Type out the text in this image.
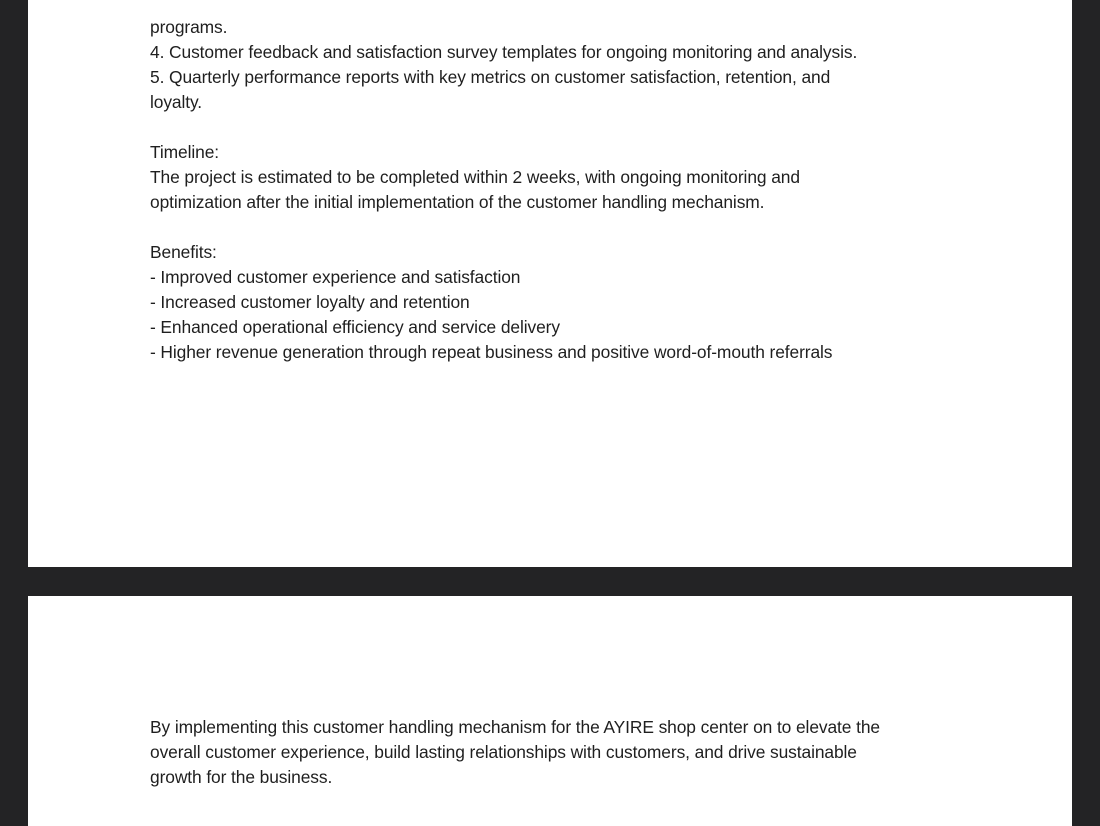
programs.
4. Customer feedback and satisfaction survey templates for ongoing monitoring and analysis.
5. Quarterly performance reports with key metrics on customer satisfaction, retention, and
loyalty.
Timeline:
The project is estimated to be completed within 2 weeks, with ongoing monitoring and
optimization after the initial implementation of the customer handling mechanism.
Benefits:
- Improved customer experience and satisfaction
- Increased customer loyalty and retention
- Enhanced operational efficiency and service delivery
- Higher revenue generation through repeat business and positive word-of-mouth referrals
By implementing this customer handling mechanism for the AYIRE shop center on to elevate the
overall customer experience, build lasting relationships with customers, and drive sustainable
growth for the business.
